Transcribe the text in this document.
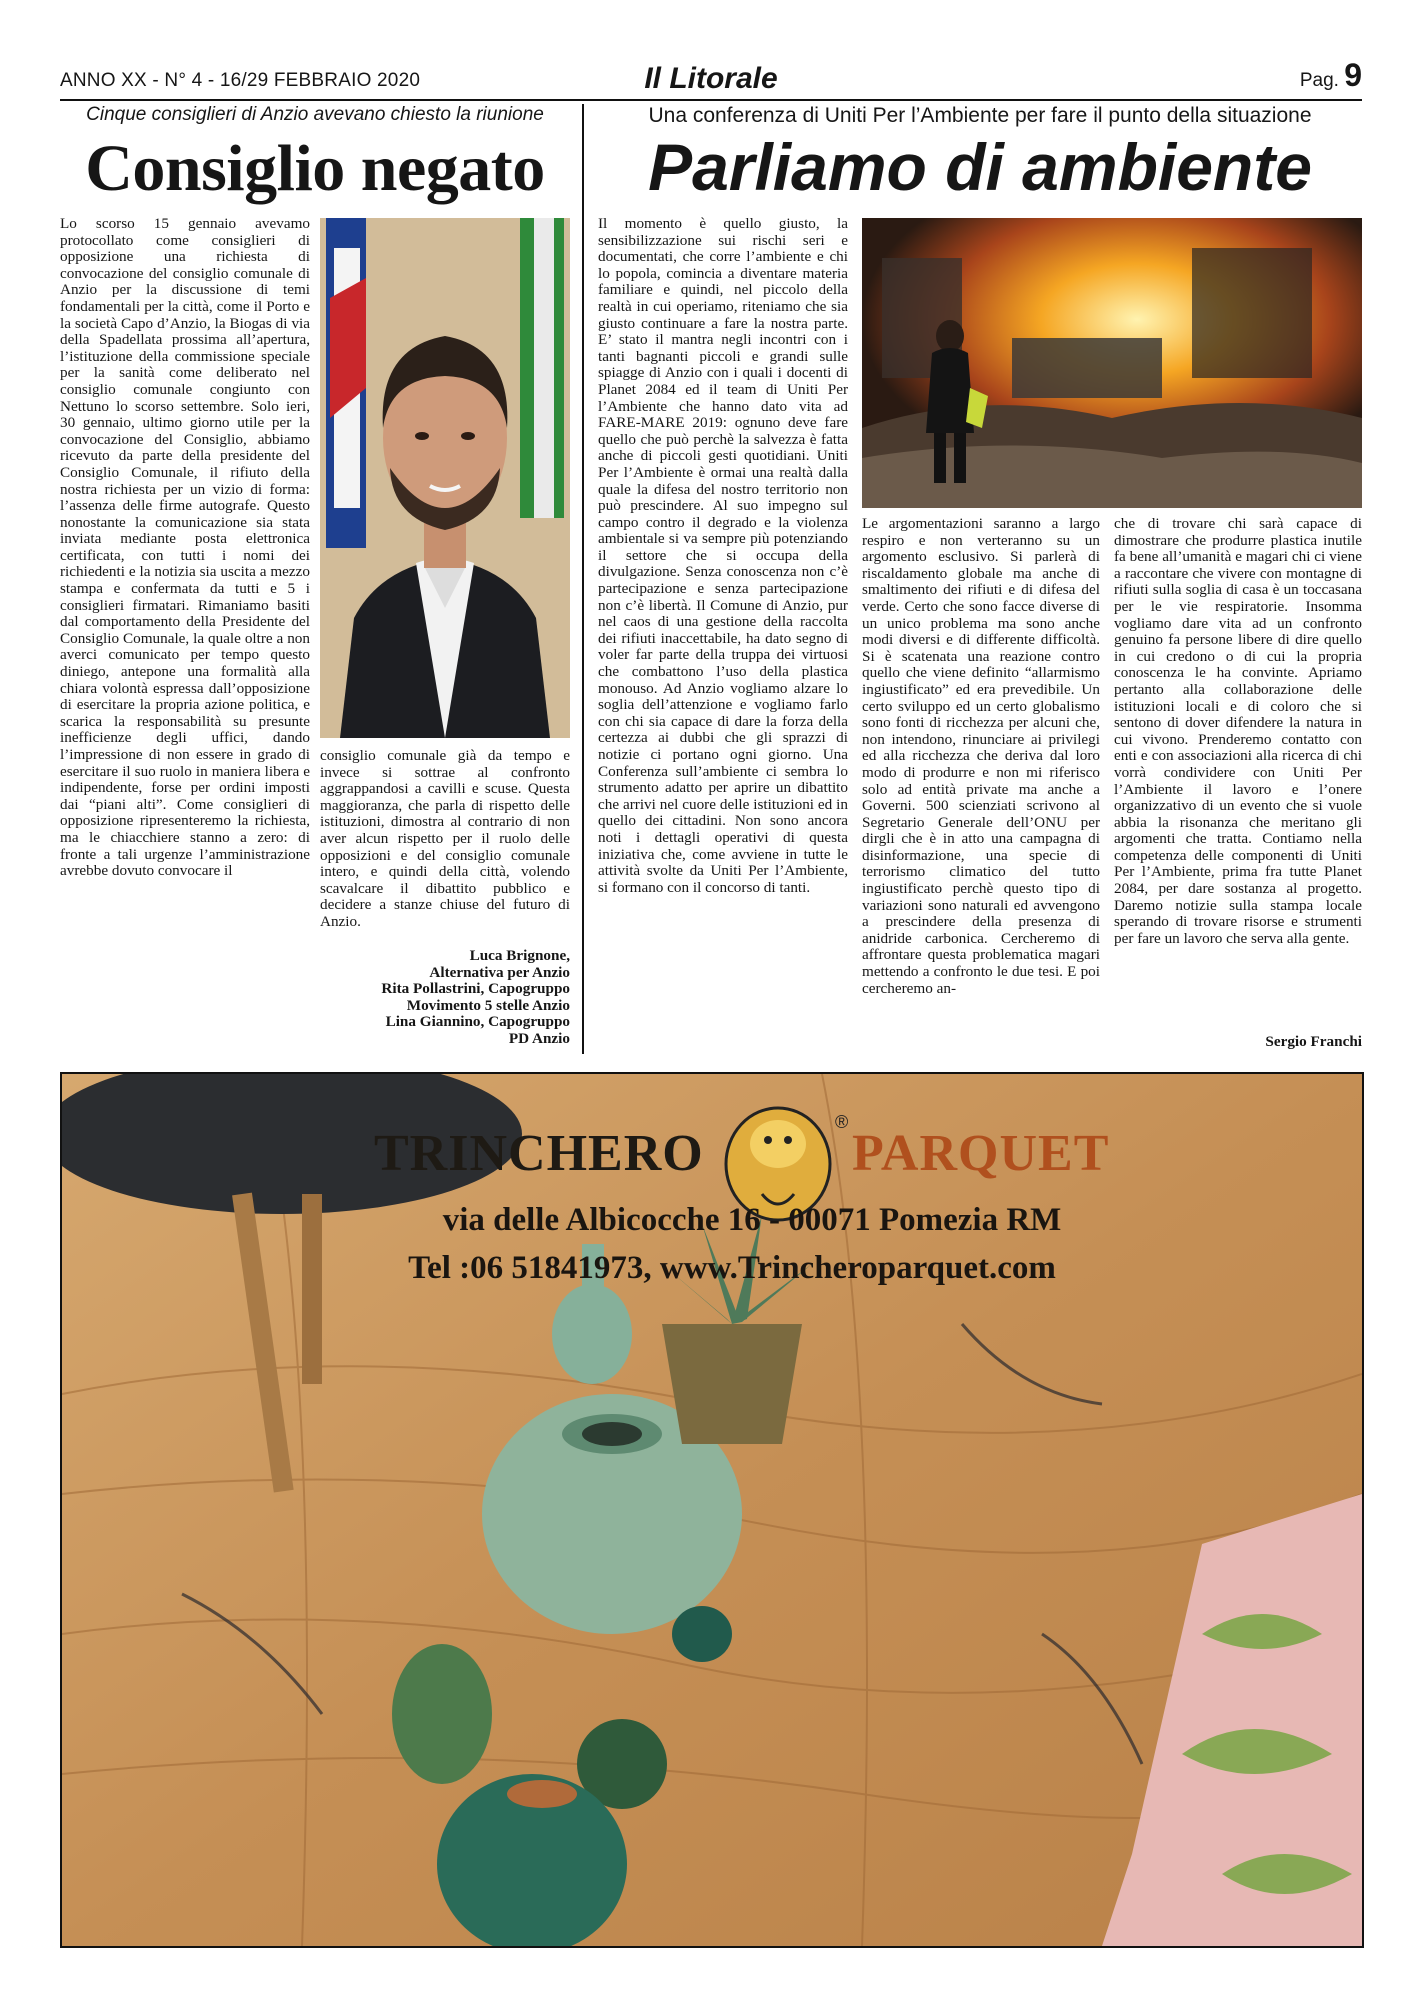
ANNO XX - N° 4 - 16/29 FEBBRAIO 2020	Il Litorale	Pag. 9
Cinque consiglieri di Anzio avevano chiesto la riunione
Consiglio negato

Lo scorso 15 gennaio avevamo protocollato come consiglieri di opposizione una richiesta di convocazione del consiglio comunale di Anzio per la discussione di temi fondamentali per la città, come il Porto e la società Capo d’Anzio, la Biogas di via della Spadellata prossima all’apertura, l’istituzione della commissione speciale per la sanità come deliberato nel consiglio comunale congiunto con Nettuno lo scorso settembre. Solo ieri, 30 gennaio, ultimo giorno utile per la convocazione del Consiglio, abbiamo ricevuto da parte della presidente del Consiglio Comunale, il rifiuto della nostra richiesta per un vizio di forma: l’assenza delle firme autografe. Questo nonostante la comunicazione sia stata inviata mediante posta elettronica certificata, con tutti i nomi dei richiedenti e la notizia sia uscita a mezzo stampa e confermata da tutti e 5 i consiglieri firmatari. Rimaniamo basiti dal comportamento della Presidente del Consiglio Comunale, la quale oltre a non averci comunicato per tempo questo diniego, antepone una formalità alla chiara volontà espressa dall’opposizione di esercitare la propria azione politica, e scarica la responsabilità su presunte inefficienze degli uffici, dando l’impressione di non essere in grado di esercitare il suo ruolo in maniera libera e indipendente, forse per ordini imposti dai “piani alti”. Come consiglieri di opposizione ripresenteremo la richiesta, ma le chiacchiere stanno a zero: di fronte a tali urgenze l’amministrazione avrebbe dovuto convocare il

consiglio comunale già da tempo e invece si sottrae al confronto aggrappandosi a cavilli e scuse. Questa maggioranza, che parla di rispetto delle istituzioni, dimostra al contrario di non aver alcun rispetto per il ruolo delle opposizioni e del consiglio comunale intero, e quindi della città, volendo scavalcare il dibattito pubblico e decidere a stanze chiuse del futuro di Anzio.

Luca Brignone,
Alternativa per Anzio
Rita Pollastrini, Capogruppo
Movimento 5 stelle Anzio
Lina Giannino, Capogruppo
PD Anzio
Una conferenza di Uniti Per l’Ambiente per fare il punto della situazione
Parliamo di ambiente

Il momento è quello giusto, la sensibilizzazione sui rischi seri e documentati, che corre l’ambiente e chi lo popola, comincia a diventare materia familiare e quindi, nel piccolo della realtà in cui operiamo, riteniamo che sia giusto continuare a fare la nostra parte. E’ stato il mantra negli incontri con i tanti bagnanti piccoli e grandi sulle spiagge di Anzio con i quali i docenti di Planet 2084 ed il team di Uniti Per l’Ambiente che hanno dato vita ad FARE-MARE 2019: ognuno deve fare quello che può perchè la salvezza è fatta anche di piccoli gesti quotidiani. Uniti Per l’Ambiente è ormai una realtà dalla quale la difesa del nostro territorio non può prescindere. Al suo impegno sul campo contro il degrado e la violenza ambientale si va sempre più potenziando il settore che si occupa della divulgazione. Senza conoscenza non c’è partecipazione e senza partecipazione non c’è libertà. Il Comune di Anzio, pur nel caos di una gestione della raccolta dei rifiuti inaccettabile, ha dato segno di voler far parte della truppa dei virtuosi che combattono l’uso della plastica monouso. Ad Anzio vogliamo alzare lo soglia dell’attenzione e vogliamo farlo con chi sia capace di dare la forza della certezza ai dubbi che gli sprazzi di notizie ci portano ogni giorno. Una Conferenza sull’ambiente ci sembra lo strumento adatto per aprire un dibattito che arrivi nel cuore delle istituzioni ed in quello dei cittadini. Non sono ancora noti i dettagli operativi di questa iniziativa che, come avviene in tutte le attività svolte da Uniti Per l’Ambiente, si formano con il concorso di tanti.

Le argomentazioni saranno a largo respiro e non verteranno su un argomento esclusivo. Si parlerà di riscaldamento globale ma anche di smaltimento dei rifiuti e di difesa del verde. Certo che sono facce diverse di un unico problema ma sono anche modi diversi e di differente difficoltà. Si è scatenata una reazione contro quello che viene definito “allarmismo ingiustificato” ed era prevedibile. Un certo sviluppo ed un certo globalismo sono fonti di ricchezza per alcuni che, non intendono, rinunciare ai privilegi ed alla ricchezza che deriva dal loro modo di produrre e non mi riferisco solo ad entità private ma anche a Governi. 500 scienziati scrivono al Segretario Generale dell’ONU per dirgli che è in atto una campagna di disinformazione, una specie di terrorismo climatico del tutto ingiustificato perchè questo tipo di variazioni sono naturali ed avvengono a prescindere della presenza di anidride carbonica. Cercheremo di affrontare questa problematica magari mettendo a confronto le due tesi. E poi cercheremo an-

che di trovare chi sarà capace di dimostrare che produrre plastica inutile fa bene all’umanità e magari chi ci viene a raccontare che vivere con montagne di rifiuti sulla soglia di casa è un toccasana per le vie respiratorie. Insomma vogliamo dare vita ad un confronto genuino fa persone libere di dire quello in cui credono o di cui la propria conoscenza le ha convinte. Apriamo pertanto alla collaborazione delle istituzioni locali e di coloro che si sentono di dover difendere la natura in cui vivono. Prenderemo contatto con enti e con associazioni alla ricerca di chi vorrà condividere con Uniti Per l’Ambiente il lavoro e l’onere organizzativo di un evento che si vuole abbia la risonanza che meritano gli argomenti che tratta. Contiamo nella competenza delle componenti di Uniti Per l’Ambiente, prima fra tutte Planet 2084, per dare sostanza al progetto. Daremo notizie sulla stampa locale sperando di trovare risorse e strumenti per fare un lavoro che serva alla gente.

Sergio Franchi
TRINCHERO
®
PARQUET
via delle Albicocche 16 - 00071 Pomezia RM
Tel :06 51841973, www.Trincheroparquet.com
